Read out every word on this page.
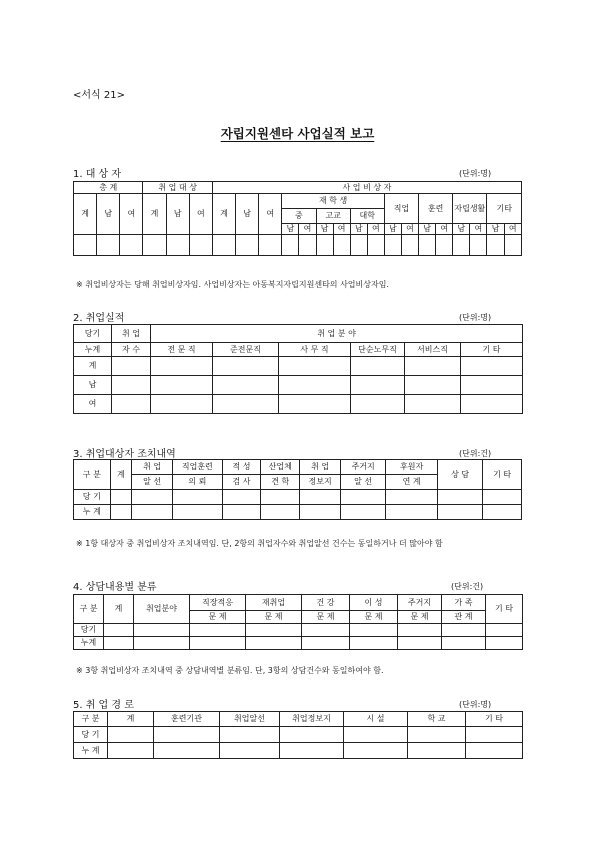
<서식 21>
자립지원센타 사업실적 보고
1. 대 상 자	(단위:명)
총 계			취 업 대 상			사 업 비 상 자																
계	남	여	계	남	여	계	남	여	재 학 생						직업		훈련		자립생활		기타	
									중		고교		대학									
									남	여	남	여	남	여	남	여	남	여	남	여	남	여

※ 취업비상자는 당해 취업비상자임. 사업비상자는 아동복지자립지원센타의 사업비상자임.
2. 취업실적	(단위:명)
당기	취 업	취 업 분 야					
누계	자 수	전 문 직	준전문직	사 무 직	단순노무직	서비스직	기 타
계							
남							
여							
3. 취업대상자 조치내역	(단위:건)
구 분	계	취 업	직업훈련	적 성	산업체	취 업	주거지	후원자	상 담	기 타
		알 선	의 뢰	검 사	견 학	정보지	알 선	연 계		
당 기										
누 계										
※ 1항 대상자 중 취업비상자 조치내역임. 단, 2항의 취업자수와 취업알선 건수는 동일하거나 더 많아야 함
4. 상담내용별 분류	(단위:건)
구 분	계	취업분야	직장적응	재취업	건 강	이 성	주거지	가 족	기 타
			문 제	문 제	문 제	문 제	문 제	관 계	
당기									
누계									
※ 3항 취업비상자 조치내역 중 상담내역별 분류임. 단, 3항의 상담건수와 동일하여야 함.
5. 취 업 경 로	(단위:명)
구 분	계	훈련기관	취업알선	취업정보지	시 설	학 교	기 타
당 기							
누 계							
